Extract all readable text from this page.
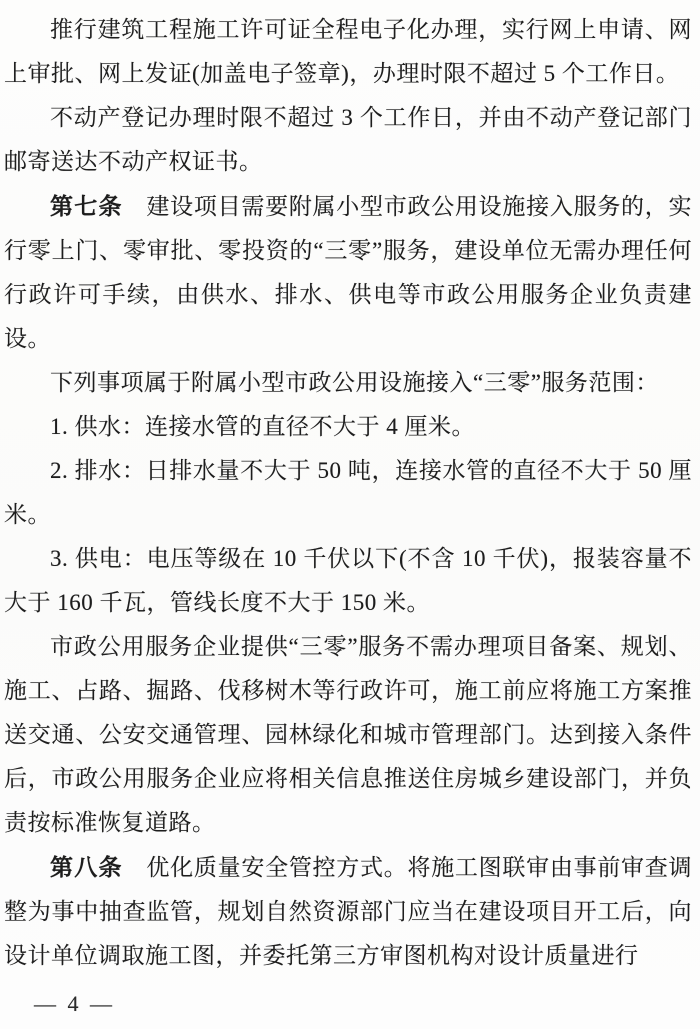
推行建筑工程施工许可证全程电子化办理，实行网上申请、网上审批、网上发证(加盖电子签章)，办理时限不超过 5 个工作日。

不动产登记办理时限不超过 3 个工作日，并由不动产登记部门邮寄送达不动产权证书。

第七条　建设项目需要附属小型市政公用设施接入服务的，实行零上门、零审批、零投资的“三零”服务，建设单位无需办理任何行政许可手续，由供水、排水、供电等市政公用服务企业负责建设。

下列事项属于附属小型市政公用设施接入“三零”服务范围：

1. 供水：连接水管的直径不大于 4 厘米。

2. 排水：日排水量不大于 50 吨，连接水管的直径不大于 50 厘米。

3. 供电：电压等级在 10 千伏以下(不含 10 千伏)，报装容量不大于 160 千瓦，管线长度不大于 150 米。

市政公用服务企业提供“三零”服务不需办理项目备案、规划、施工、占路、掘路、伐移树木等行政许可，施工前应将施工方案推送交通、公安交通管理、园林绿化和城市管理部门。达到接入条件后，市政公用服务企业应将相关信息推送住房城乡建设部门，并负责按标准恢复道路。

第八条　优化质量安全管控方式。将施工图联审由事前审查调整为事中抽查监管，规划自然资源部门应当在建设项目开工后，向设计单位调取施工图，并委托第三方审图机构对设计质量进行

— 4 —
